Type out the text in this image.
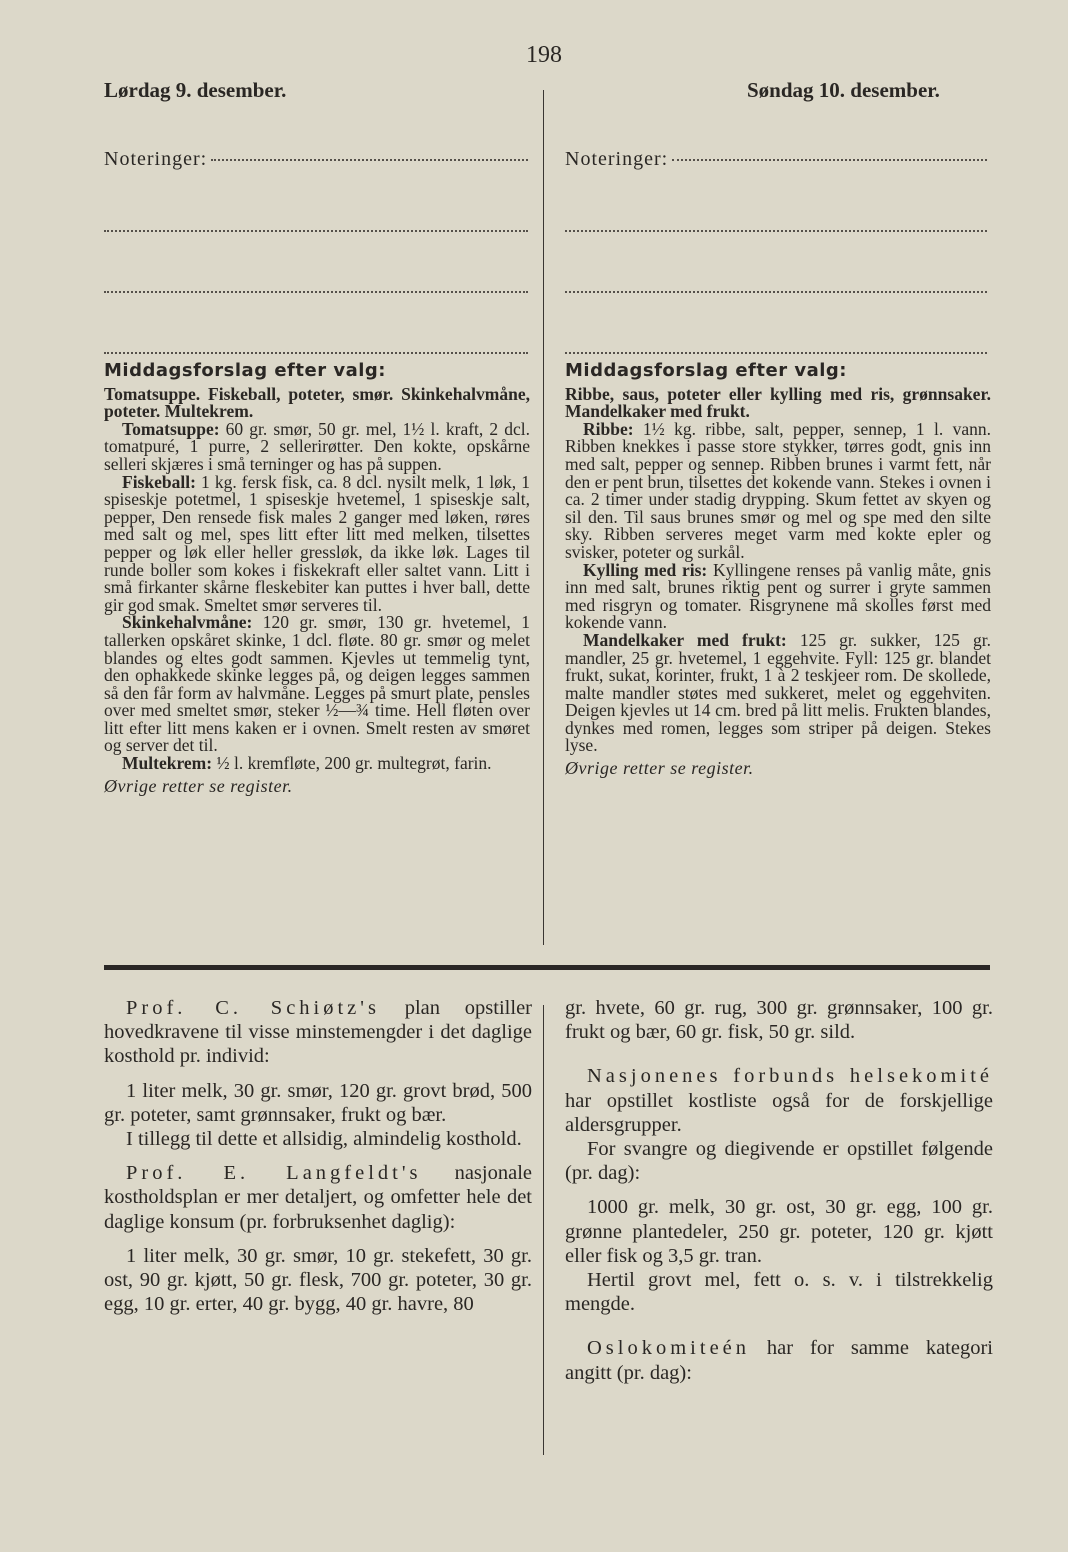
198
Lørdag 9. desember.	Søndag 10. desember.
Noteringer:	Noteringer:
Middagsforslag efter valg:

Tomatsuppe. Fiskeball, poteter, smør. Skinkehalvmåne, poteter. Multekrem.

Tomatsuppe: 60 gr. smør, 50 gr. mel, 1½ l. kraft, 2 dcl. tomatpuré, 1 purre, 2 sellerirøtter. Den kokte, opskårne selleri skjæres i små terninger og has på suppen.

Fiskeball: 1 kg. fersk fisk, ca. 8 dcl. nysilt melk, 1 løk, 1 spiseskje potetmel, 1 spiseskje hvetemel, 1 spiseskje salt, pepper, Den rensede fisk males 2 ganger med løken, røres med salt og mel, spes litt efter litt med melken, tilsettes pepper og løk eller heller gressløk, da ikke løk. Lages til runde boller som kokes i fiskekraft eller saltet vann. Litt i små firkanter skårne fleskebiter kan puttes i hver ball, dette gir god smak. Smeltet smør serveres til.

Skinkehalvmåne: 120 gr. smør, 130 gr. hvetemel, 1 tallerken opskåret skinke, 1 dcl. fløte. 80 gr. smør og melet blandes og eltes godt sammen. Kjevles ut temmelig tynt, den ophakkede skinke legges på, og deigen legges sammen så den får form av halvmåne. Legges på smurt plate, pensles over med smeltet smør, steker ½—¾ time. Hell fløten over litt efter litt mens kaken er i ovnen. Smelt resten av smøret og server det til.

Multekrem: ½ l. kremfløte, 200 gr. multegrøt, farin.

Øvrige retter se register.

Middagsforslag efter valg:

Ribbe, saus, poteter eller kylling med ris, grønnsaker. Mandelkaker med frukt.

Ribbe: 1½ kg. ribbe, salt, pepper, sennep, 1 l. vann. Ribben knekkes i passe store stykker, tørres godt, gnis inn med salt, pepper og sennep. Ribben brunes i varmt fett, når den er pent brun, tilsettes det kokende vann. Stekes i ovnen i ca. 2 timer under stadig drypping. Skum fettet av skyen og sil den. Til saus brunes smør og mel og spe med den silte sky. Ribben serveres meget varm med kokte epler og svisker, poteter og surkål.

Kylling med ris: Kyllingene renses på vanlig måte, gnis inn med salt, brunes riktig pent og surrer i gryte sammen med risgryn og tomater. Risgrynene må skolles først med kokende vann.

Mandelkaker med frukt: 125 gr. sukker, 125 gr. mandler, 25 gr. hvetemel, 1 eggehvite. Fyll: 125 gr. blandet frukt, sukat, korinter, frukt, 1 à 2 teskjeer rom. De skollede, malte mandler støtes med sukkeret, melet og eggehviten. Deigen kjevles ut 14 cm. bred på litt melis. Frukten blandes, dynkes med romen, legges som striper på deigen. Stekes lyse.

Øvrige retter se register.

Prof. C. Schiøtz's plan opstiller hovedkravene til visse minstemengder i det daglige kosthold pr. individ:

1 liter melk, 30 gr. smør, 120 gr. grovt brød, 500 gr. poteter, samt grønnsaker, frukt og bær.

I tillegg til dette et allsidig, almindelig kosthold.

Prof. E. Langfeldt's nasjonale kostholdsplan er mer detaljert, og omfetter hele det daglige konsum (pr. forbruksenhet daglig):

1 liter melk, 30 gr. smør, 10 gr. stekefett, 30 gr. ost, 90 gr. kjøtt, 50 gr. flesk, 700 gr. poteter, 30 gr. egg, 10 gr. erter, 40 gr. bygg, 40 gr. havre, 80

gr. hvete, 60 gr. rug, 300 gr. grønnsaker, 100 gr. frukt og bær, 60 gr. fisk, 50 gr. sild.

Nasjonenes forbunds helsekomité har opstillet kostliste også for de forskjellige aldersgrupper.

For svangre og diegivende er opstillet følgende (pr. dag):

1000 gr. melk, 30 gr. ost, 30 gr. egg, 100 gr. grønne plantedeler, 250 gr. poteter, 120 gr. kjøtt eller fisk og 3,5 gr. tran.

Hertil grovt mel, fett o. s. v. i tilstrekkelig mengde.

Oslokomiteén har for samme kategori angitt (pr. dag):
